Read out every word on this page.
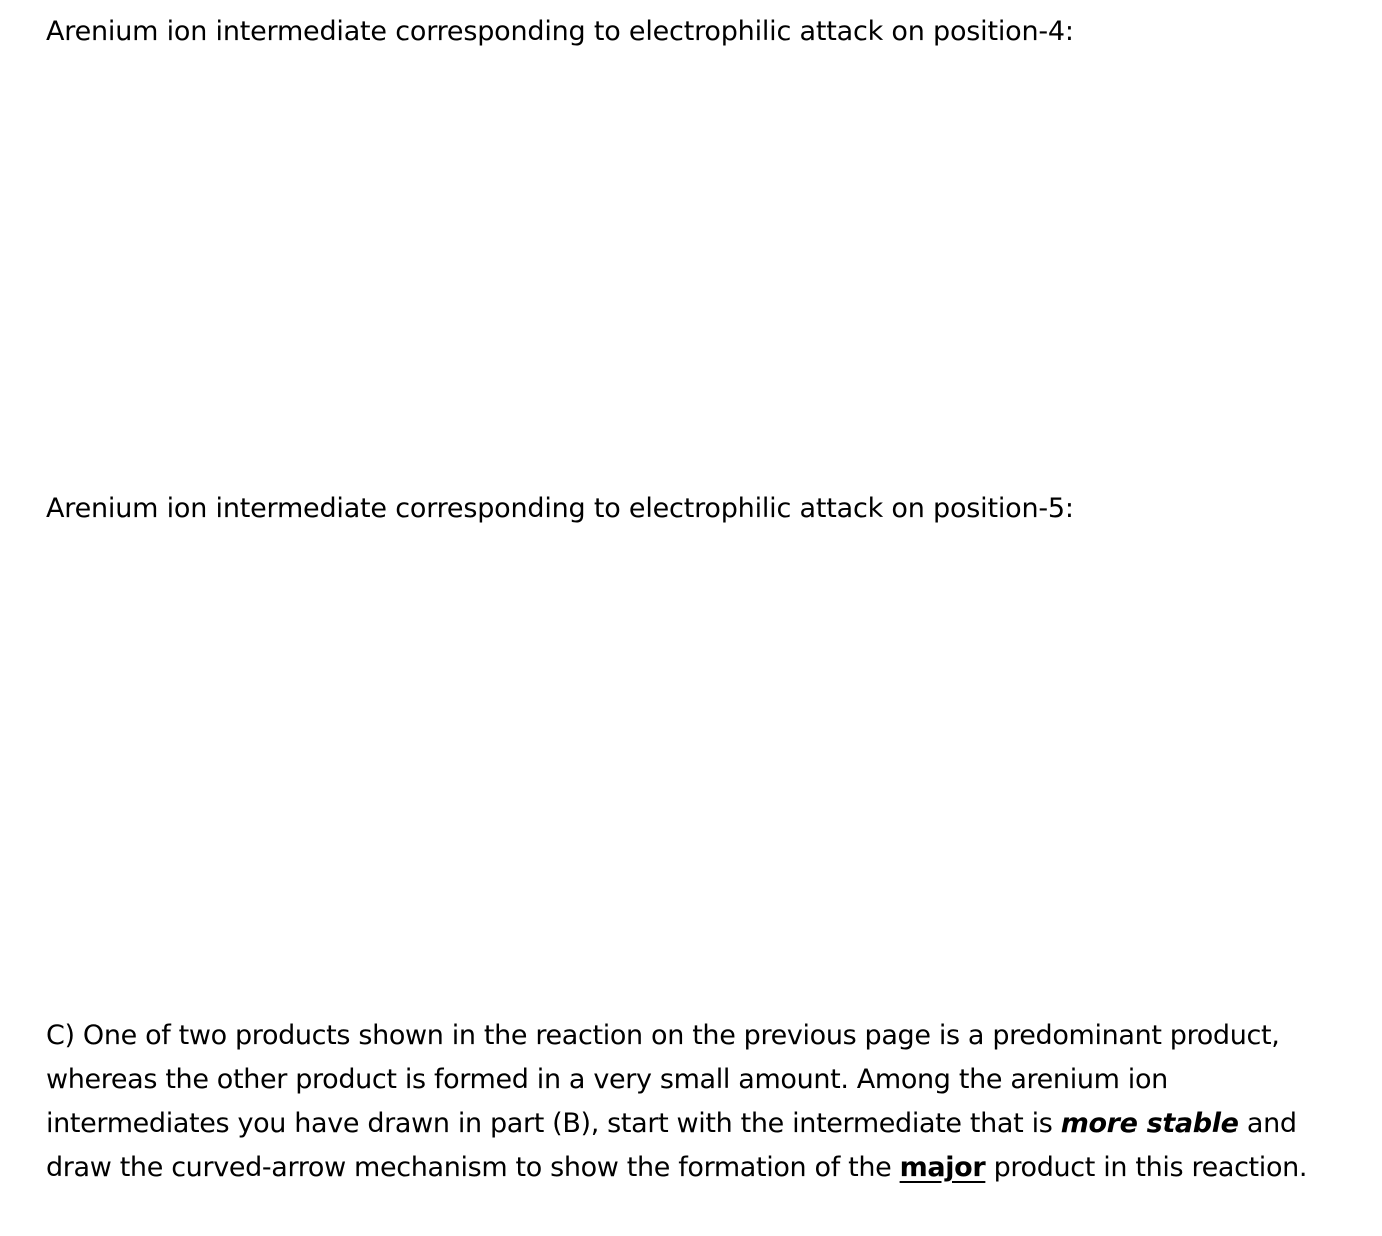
Arenium ion intermediate corresponding to electrophilic attack on position-4:
Arenium ion intermediate corresponding to electrophilic attack on position-5:

C) One of two products shown in the reaction on the previous page is a predominant product,
whereas the other product is formed in a very small amount. Among the arenium ion
intermediates you have drawn in part (B), start with the intermediate that is more stable and
draw the curved-arrow mechanism to show the formation of the major product in this reaction.
